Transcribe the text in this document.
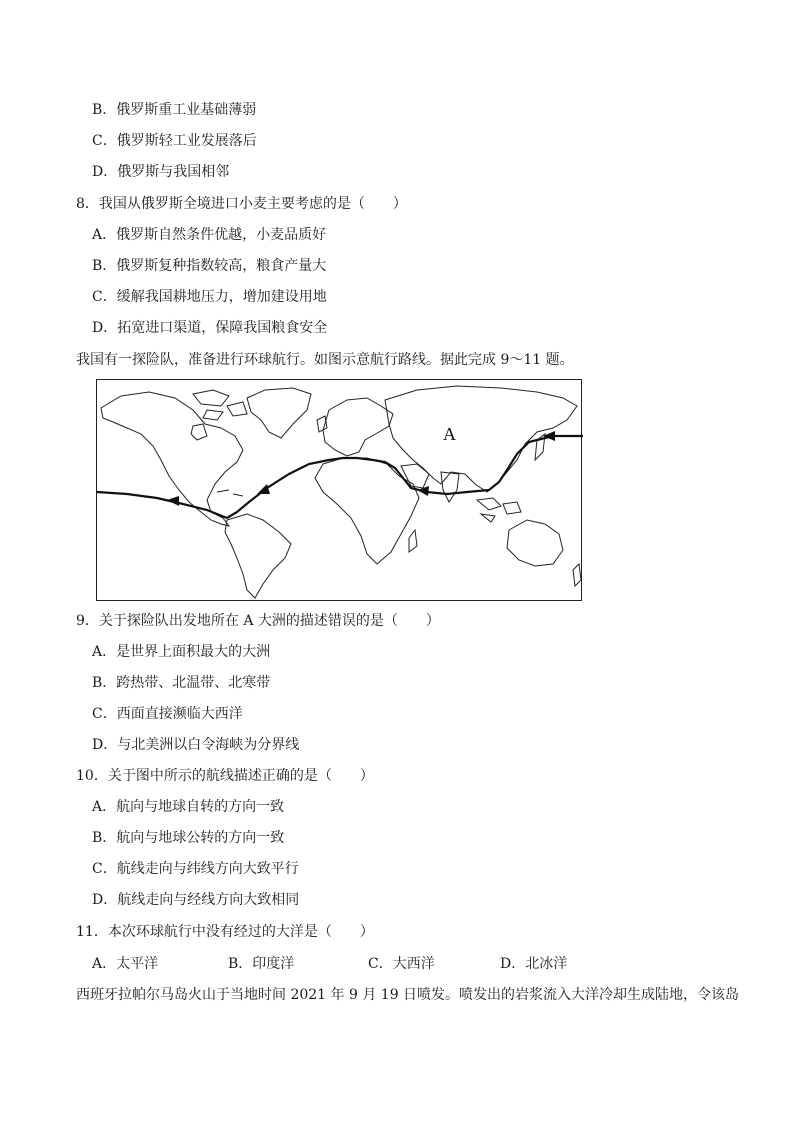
B．俄罗斯重工业基础薄弱
C．俄罗斯轻工业发展落后
D．俄罗斯与我国相邻
8．我国从俄罗斯全境进口小麦主要考虑的是（　　）
A．俄罗斯自然条件优越，小麦品质好
B．俄罗斯复种指数较高，粮食产量大
C．缓解我国耕地压力，增加建设用地
D．拓宽进口渠道，保障我国粮食安全
我国有一探险队，准备进行环球航行。如图示意航行路线。据此完成 9～11 题。
A
9．关于探险队出发地所在 A 大洲的描述错误的是（　　）
A．是世界上面积最大的大洲
B．跨热带、北温带、北寒带
C．西面直接濒临大西洋
D．与北美洲以白令海峡为分界线
10．关于图中所示的航线描述正确的是（　　）
A．航向与地球自转的方向一致
B．航向与地球公转的方向一致
C．航线走向与纬线方向大致平行
D．航线走向与经线方向大致相同
11．本次环球航行中没有经过的大洋是（　　）
A．太平洋	B．印度洋	C．大西洋	D．北冰洋
西班牙拉帕尔马岛火山于当地时间 2021 年 9 月 19 日喷发。喷发出的岩浆流入大洋冷却生成陆地，令该岛
